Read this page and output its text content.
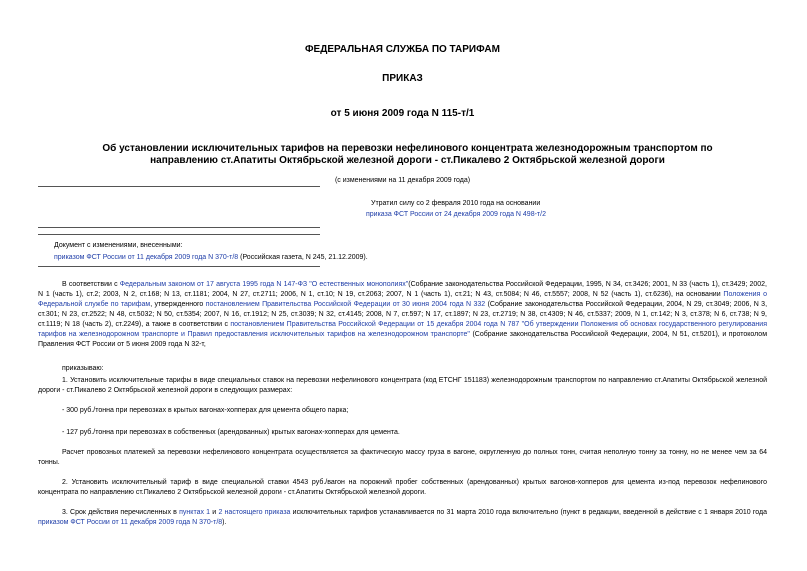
ФЕДЕРАЛЬНАЯ СЛУЖБА ПО ТАРИФАМ
ПРИКАЗ
от 5 июня 2009 года N 115-т/1
Об установлении исключительных тарифов на перевозки нефелинового концентрата железнодорожным транспортом по направлению ст.Апатиты Октябрьской железной дороги - ст.Пикалево 2 Октябрьской железной дороги
(с изменениями на 11 декабря 2009 года)
Утратил силу со 2 февраля 2010 года на основании
приказа ФСТ России от 24 декабря 2009 года N 498-т/2
Документ с изменениями, внесенными:
приказом ФСТ России от 11 декабря 2009 года N 370-т/8 (Российская газета, N 245, 21.12.2009).
В соответствии с Федеральным законом от 17 августа 1995 года N 147-ФЗ "О естественных монополиях"(Собрание законодательства Российской Федерации, 1995, N 34, ст.3426; 2001, N 33 (часть 1), ст.3429; 2002, N 1 (часть 1), ст.2; 2003, N 2, ст.168; N 13, ст.1181; 2004, N 27, ст.2711; 2006, N 1, ст.10; N 19, ст.2063; 2007, N 1 (часть 1), ст.21; N 43, ст.5084; N 46, ст.5557; 2008, N 52 (часть 1), ст.6236), на основании Положения о Федеральной службе по тарифам, утвержденного постановлением Правительства Российской Федерации от 30 июня 2004 года N 332 (Собрание законодательства Российской Федерации, 2004, N 29, ст.3049; 2006, N 3, ст.301; N 23, ст.2522; N 48, ст.5032; N 50, ст.5354; 2007, N 16, ст.1912; N 25, ст.3039; N 32, ст.4145; 2008, N 7, ст.597; N 17, ст.1897; N 23, ст.2719; N 38, ст.4309; N 46, ст.5337; 2009, N 1, ст.142; N 3, ст.378; N 6, ст.738; N 9, ст.1119; N 18 (часть 2), ст.2249), а также в соответствии с постановлением Правительства Российской Федерации от 15 декабря 2004 года N 787 "Об утверждении Положения об основах государственного регулирования тарифов на железнодорожном транспорте и Правил предоставления исключительных тарифов на железнодорожном транспорте" (Собрание законодательства Российской Федерации, 2004, N 51, ст.5201), и протоколом Правления ФСТ России от 5 июня 2009 года N 32-т,
приказываю:
1. Установить исключительные тарифы в виде специальных ставок на перевозки нефелинового концентрата (код ЕТСНГ 151183) железнодорожным транспортом по направлению ст.Апатиты Октябрьской железной дороги - ст.Пикалево 2 Октябрьской железной дороги в следующих размерах:
- 300 руб./тонна при перевозках в крытых вагонах-хопперах для цемента общего парка;
- 127 руб./тонна при перевозках в собственных (арендованных) крытых вагонах-хопперах для цемента.
Расчет провозных платежей за перевозки нефелинового концентрата осуществляется за фактическую массу груза в вагоне, округленную до полных тонн, считая неполную тонну за тонну, но не менее чем за 64 тонны.
2. Установить исключительный тариф в виде специальной ставки 4543 руб./вагон на порожний пробег собственных (арендованных) крытых вагонов-хопперов для цемента из-под перевозок нефелинового концентрата по направлению ст.Пикалево 2 Октябрьской железной дороги - ст.Апатиты Октябрьской железной дороги.
3. Срок действия перечисленных в пунктах 1 и 2 настоящего приказа исключительных тарифов устанавливается по 31 марта 2010 года включительно (пункт в редакции, введенной в действие с 1 января 2010 года приказом ФСТ России от 11 декабря 2009 года N 370-т/8).
